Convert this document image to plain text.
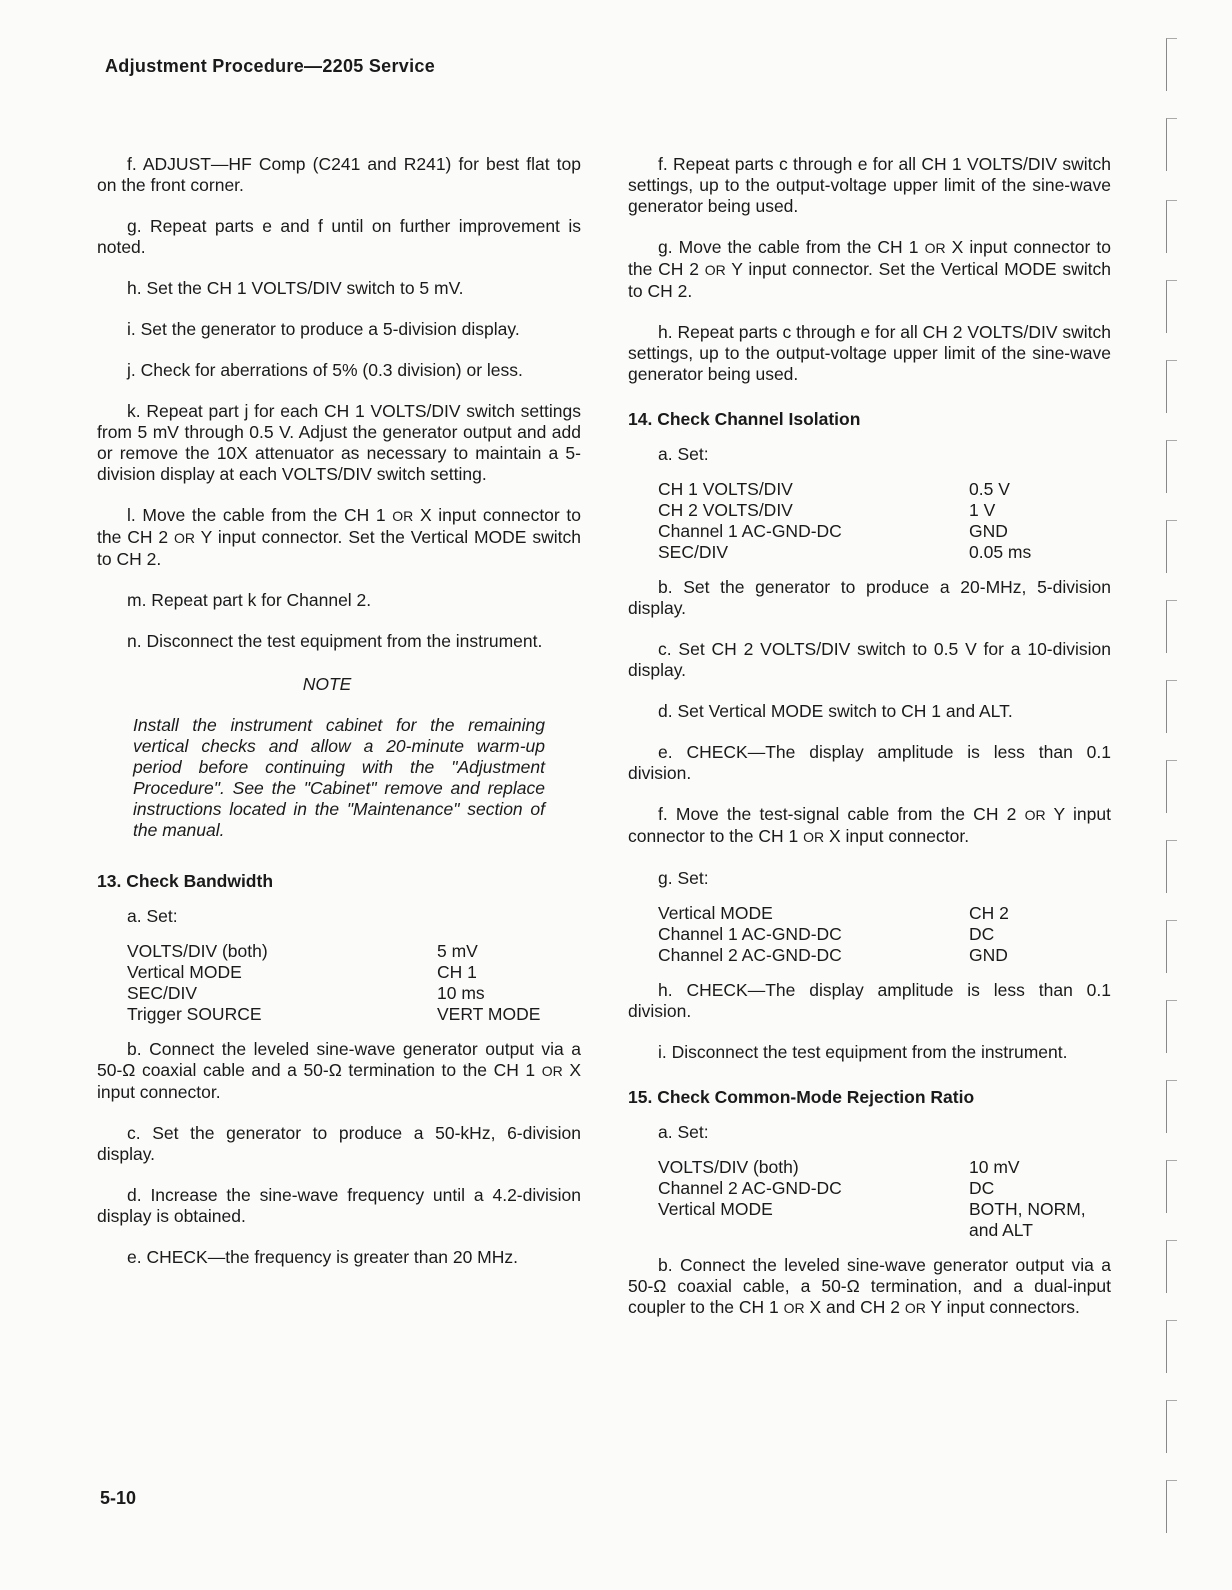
Adjustment Procedure—2205 Service

f. ADJUST—HF Comp (C241 and R241) for best flat top on the front corner.

g. Repeat parts e and f until on further improvement is noted.

h. Set the CH 1 VOLTS/DIV switch to 5 mV.

i. Set the generator to produce a 5-division display.

j. Check for aberrations of 5% (0.3 division) or less.

k. Repeat part j for each CH 1 VOLTS/DIV switch settings from 5 mV through 0.5 V. Adjust the generator output and add or remove the 10X attenuator as necessary to maintain a 5-division display at each VOLTS/DIV switch setting.

l. Move the cable from the CH 1 OR X input connector to the CH 2 OR Y input connector. Set the Vertical MODE switch to CH 2.

m. Repeat part k for Channel 2.

n. Disconnect the test equipment from the instrument.

NOTE
Install the instrument cabinet for the remaining vertical checks and allow a 20-minute warm-up period before continuing with the "Adjustment Procedure". See the "Cabinet" remove and replace instructions located in the "Maintenance" section of the manual.
13. Check Bandwidth
a. Set:
VOLTS/DIV (both)	5 mV
Vertical MODE	CH 1
SEC/DIV	10 ms
Trigger SOURCE	VERT MODE

b. Connect the leveled sine-wave generator output via a 50-Ω coaxial cable and a 50-Ω termination to the CH 1 OR X input connector.

c. Set the generator to produce a 50-kHz, 6-division display.

d. Increase the sine-wave frequency until a 4.2-division display is obtained.

e. CHECK—the frequency is greater than 20 MHz.

f. Repeat parts c through e for all CH 1 VOLTS/DIV switch settings, up to the output-voltage upper limit of the sine-wave generator being used.

g. Move the cable from the CH 1 OR X input connector to the CH 2 OR Y input connector. Set the Vertical MODE switch to CH 2.

h. Repeat parts c through e for all CH 2 VOLTS/DIV switch settings, up to the output-voltage upper limit of the sine-wave generator being used.

14. Check Channel Isolation
a. Set:
CH 1 VOLTS/DIV	0.5 V
CH 2 VOLTS/DIV	1 V
Channel 1 AC-GND-DC	GND
SEC/DIV	0.05 ms

b. Set the generator to produce a 20-MHz, 5-division display.

c. Set CH 2 VOLTS/DIV switch to 0.5 V for a 10-division display.

d. Set Vertical MODE switch to CH 1 and ALT.

e. CHECK—The display amplitude is less than 0.1 division.

f. Move the test-signal cable from the CH 2 OR Y input connector to the CH 1 OR X input connector.

g. Set:
Vertical MODE	CH 2
Channel 1 AC-GND-DC	DC
Channel 2 AC-GND-DC	GND

h. CHECK—The display amplitude is less than 0.1 division.

i. Disconnect the test equipment from the instrument.

15. Check Common-Mode Rejection Ratio
a. Set:
VOLTS/DIV (both)	10 mV
Channel 2 AC-GND-DC	DC
Vertical MODE	BOTH, NORM, and ALT

b. Connect the leveled sine-wave generator output via a 50-Ω coaxial cable, a 50-Ω termination, and a dual-input coupler to the CH 1 OR X and CH 2 OR Y input connectors.

5-10
